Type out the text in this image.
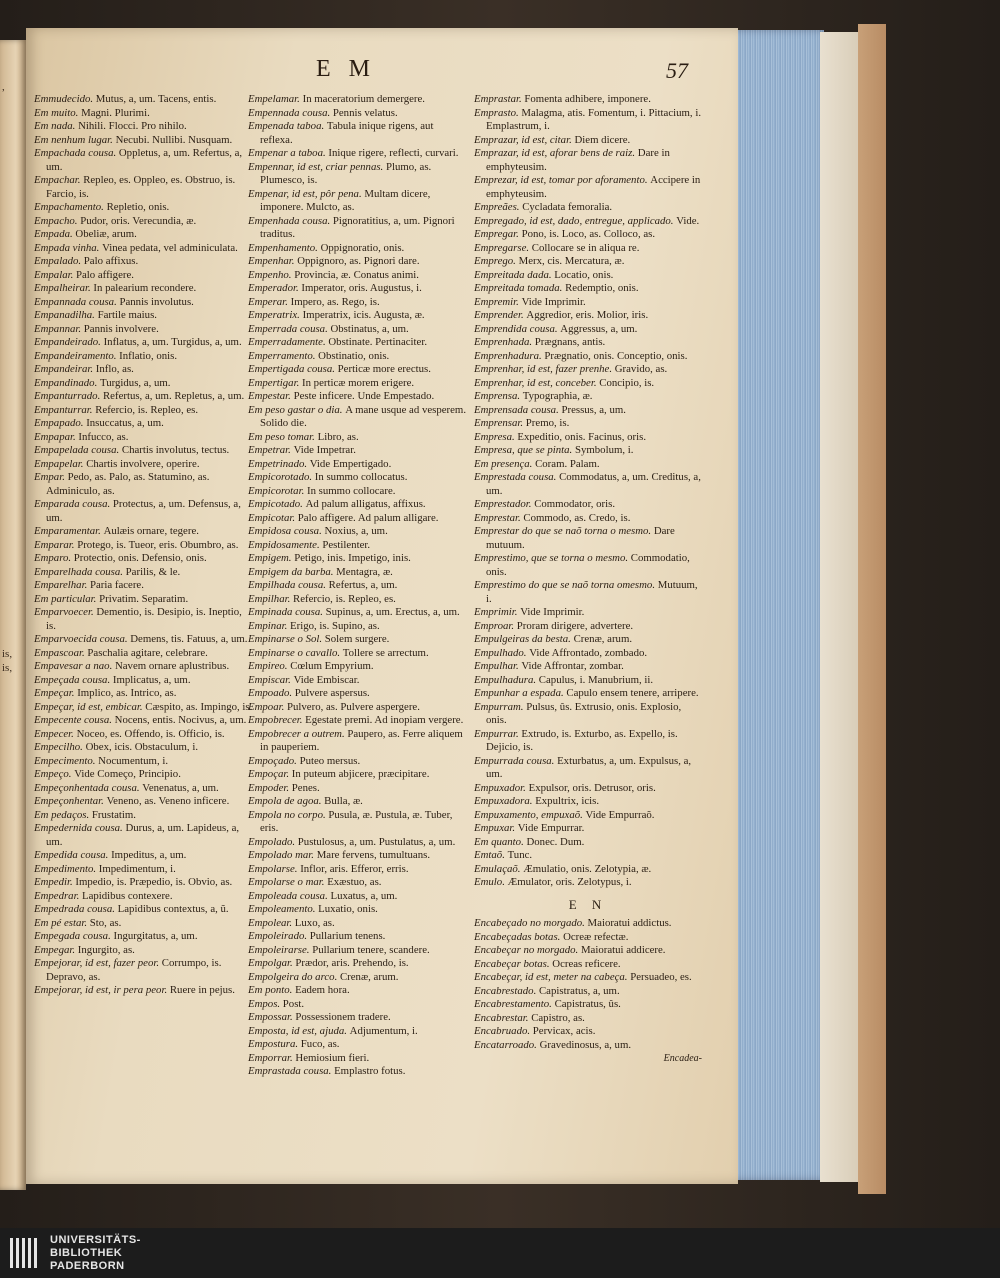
,
is,
is,
E M	57

Emmudecido. Mutus, a, um. Tacens, entis.

Em muito. Magni. Plurimi.

Em nada. Nihili. Flocci. Pro nihilo.

Em nenhum lugar. Necubi. Nullibi. Nusquam.

Empachada cousa. Oppletus, a, um. Refertus, a, um.

Empachar. Repleo, es. Oppleo, es. Obstruo, is. Farcio, is.

Empachamento. Repletio, onis.

Empacho. Pudor, oris. Verecundia, æ.

Empada. Obeliæ, arum.

Empada vinha. Vinea pedata, vel adminiculata.

Empalado. Palo affixus.

Empalar. Palo affigere.

Empalheirar. In palearium recondere.

Empannada cousa. Pannis involutus.

Empanadilha. Fartile maius.

Empannar. Pannis involvere.

Empandeirado. Inflatus, a, um. Turgidus, a, um.

Empandeiramento. Inflatio, onis.

Empandeirar. Inflo, as.

Empandinado. Turgidus, a, um.

Empanturrado. Refertus, a, um. Repletus, a, um.

Empanturrar. Refercio, is. Repleo, es.

Empapado. Insuccatus, a, um.

Empapar. Infucco, as.

Empapelada cousa. Chartis involutus, tectus.

Empapelar. Chartis involvere, operire.

Empar. Pedo, as. Palo, as. Statumino, as. Adminiculo, as.

Emparada cousa. Protectus, a, um. Defensus, a, um.

Emparamentar. Aulæis ornare, tegere.

Emparar. Protego, is. Tueor, eris. Obumbro, as.

Emparo. Protectio, onis. Defensio, onis.

Emparelhada cousa. Parilis, & le.

Emparelhar. Paria facere.

Em particular. Privatim. Separatim.

Emparvoecer. Dementio, is. Desipio, is. Ineptio, is.

Emparvoecida cousa. Demens, tis. Fatuus, a, um.

Empascoar. Paschalia agitare, celebrare.

Empavesar a nao. Navem ornare aplustribus.

Empeçada cousa. Implicatus, a, um.

Empeçar. Implico, as. Intrico, as.

Empeçar, id est, embicar. Cæspito, as. Impingo, is.

Empecente cousa. Nocens, entis. Nocivus, a, um.

Empecer. Noceo, es. Offendo, is. Officio, is.

Empecilho. Obex, icis. Obstaculum, i.

Empecimento. Nocumentum, i.

Empeço. Vide Começo, Principio.

Empeçonhentada cousa. Venenatus, a, um.

Empeçonhentar. Veneno, as. Veneno inficere.

Em pedaços. Frustatim.

Empedernida cousa. Durus, a, um. Lapideus, a, um.

Empedida cousa. Impeditus, a, um.

Empedimento. Impedimentum, i.

Empedir. Impedio, is. Præpedio, is. Obvio, as.

Empedrar. Lapidibus contexere.

Empedrada cousa. Lapidibus contextus, a, ũ.

Em pé estar. Sto, as.

Empegada cousa. Ingurgitatus, a, um.

Empegar. Ingurgito, as.

Empejorar, id est, fazer peor. Corrumpo, is. Depravo, as.

Empejorar, id est, ir pera peor. Ruere in pejus.

Empelamar. In maceratorium demergere.

Empennada cousa. Pennis velatus.

Empenada taboa. Tabula inique rigens, aut reflexa.

Empenar a taboa. Inique rigere, reflecti, curvari.

Empennar, id est, criar pennas. Plumo, as. Plumesco, is.

Empenar, id est, pôr pena. Multam dicere, imponere. Mulcto, as.

Empenhada cousa. Pignoratitius, a, um. Pignori traditus.

Empenhamento. Oppignoratio, onis.

Empenhar. Oppignoro, as. Pignori dare.

Empenho. Provincia, æ. Conatus animi.

Emperador. Imperator, oris. Augustus, i.

Emperar. Impero, as. Rego, is.

Emperatrix. Imperatrix, icis. Augusta, æ.

Emperrada cousa. Obstinatus, a, um.

Emperradamente. Obstinate. Pertinaciter.

Emperramento. Obstinatio, onis.

Empertigada cousa. Perticæ more erectus.

Empertigar. In perticæ morem erigere.

Empestar. Peste inficere. Unde Empestado.

Em peso gastar o dia. A mane usque ad vesperem. Solido die.

Em peso tomar. Libro, as.

Empetrar. Vide Impetrar.

Empetrinado. Vide Empertigado.

Empicorotado. In summo collocatus.

Empicorotar. In summo collocare.

Empicotado. Ad palum alligatus, affixus.

Empicotar. Palo affigere. Ad palum alligare.

Empidosa cousa. Noxius, a, um.

Empidosamente. Pestilenter.

Empigem. Petigo, inis. Impetigo, inis.

Empigem da barba. Mentagra, æ.

Empilhada cousa. Refertus, a, um.

Empilhar. Refercio, is. Repleo, es.

Empinada cousa. Supinus, a, um. Erectus, a, um.

Empinar. Erigo, is. Supino, as.

Empinarse o Sol. Solem surgere.

Empinarse o cavallo. Tollere se arrectum.

Empireo. Cœlum Empyrium.

Empiscar. Vide Embiscar.

Empoado. Pulvere aspersus.

Empoar. Pulvero, as. Pulvere aspergere.

Empobrecer. Egestate premi. Ad inopiam vergere.

Empobrecer a outrem. Paupero, as. Ferre aliquem in pauperiem.

Empoçado. Puteo mersus.

Empoçar. In puteum abjicere, præcipitare.

Empoder. Penes.

Empola de agoa. Bulla, æ.

Empola no corpo. Pusula, æ. Pustula, æ. Tuber, eris.

Empolado. Pustulosus, a, um. Pustulatus, a, um.

Empolado mar. Mare fervens, tumultuans.

Empolarse. Inflor, aris. Efferor, erris.

Empolarse o mar. Exæstuo, as.

Empoleada cousa. Luxatus, a, um.

Empoleamento. Luxatio, onis.

Empolear. Luxo, as.

Empoleirado. Pullarium tenens.

Empoleirarse. Pullarium tenere, scandere.

Empolgar. Prædor, aris. Prehendo, is.

Empolgeira do arco. Crenæ, arum.

Em ponto. Eadem hora.

Empos. Post.

Empossar. Possessionem tradere.

Emposta, id est, ajuda. Adjumentum, i.

Empostura. Fuco, as.

Emporrar. Hemiosium fieri.

Emprastada cousa. Emplastro fotus.

Emprastar. Fomenta adhibere, imponere.

Emprasto. Malagma, atis. Fomentum, i. Pittacium, i. Emplastrum, i.

Emprazar, id est, citar. Diem dicere.

Emprazar, id est, aforar bens de raiz. Dare in emphyteusim.

Emprezar, id est, tomar por aforamento. Accipere in emphyteusim.

Empreães. Cycladata femoralia.

Empregado, id est, dado, entregue, applicado. Vide.

Empregar. Pono, is. Loco, as. Colloco, as.

Empregarse. Collocare se in aliqua re.

Emprego. Merx, cis. Mercatura, æ.

Empreitada dada. Locatio, onis.

Empreitada tomada. Redemptio, onis.

Empremir. Vide Imprimir.

Emprender. Aggredior, eris. Molior, iris.

Emprendida cousa. Aggressus, a, um.

Emprenhada. Prægnans, antis.

Emprenhadura. Prægnatio, onis. Conceptio, onis.

Emprenhar, id est, fazer prenhe. Gravido, as.

Emprenhar, id est, conceber. Concipio, is.

Emprensa. Typographia, æ.

Emprensada cousa. Pressus, a, um.

Emprensar. Premo, is.

Empresa. Expeditio, onis. Facinus, oris.

Empresa, que se pinta. Symbolum, i.

Em presença. Coram. Palam.

Emprestada cousa. Commodatus, a, um. Creditus, a, um.

Emprestador. Commodator, oris.

Emprestar. Commodo, as. Credo, is.

Emprestar do que se naõ torna o mesmo. Dare mutuum.

Emprestimo, que se torna o mesmo. Commodatio, onis.

Emprestimo do que se naõ torna omesmo. Mutuum, i.

Emprimir. Vide Imprimir.

Emproar. Proram dirigere, advertere.

Empulgeiras da besta. Crenæ, arum.

Empulhado. Vide Affrontado, zombado.

Empulhar. Vide Affrontar, zombar.

Empulhadura. Capulus, i. Manubrium, ii.

Empunhar a espada. Capulo ensem tenere, arripere.

Empurram. Pulsus, ûs. Extrusio, onis. Explosio, onis.

Empurrar. Extrudo, is. Exturbo, as. Expello, is. Dejicio, is.

Empurrada cousa. Exturbatus, a, um. Expulsus, a, um.

Empuxador. Expulsor, oris. Detrusor, oris.

Empuxadora. Expultrix, icis.

Empuxamento, empuxaõ. Vide Empurraõ.

Empuxar. Vide Empurrar.

Em quanto. Donec. Dum.

Emtaõ. Tunc.

Emulaçaõ. Æmulatio, onis. Zelotypia, æ.

Emulo. Æmulator, oris. Zelotypus, i.

E N

Encabeçado no morgado. Maioratui addictus.

Encabeçadas botas. Ocreæ refectæ.

Encabeçar no morgado. Maioratui addicere.

Encabeçar botas. Ocreas reficere.

Encabeçar, id est, meter na cabeça. Persuadeo, es.

Encabrestado. Capistratus, a, um.

Encabrestamento. Capistratus, ûs.

Encabrestar. Capistro, as.

Encabruado. Pervicax, acis.

Encatarroado. Gravedinosus, a, um.

Encadea-
UNIVERSITÄTS-
BIBLIOTHEK
PADERBORN
